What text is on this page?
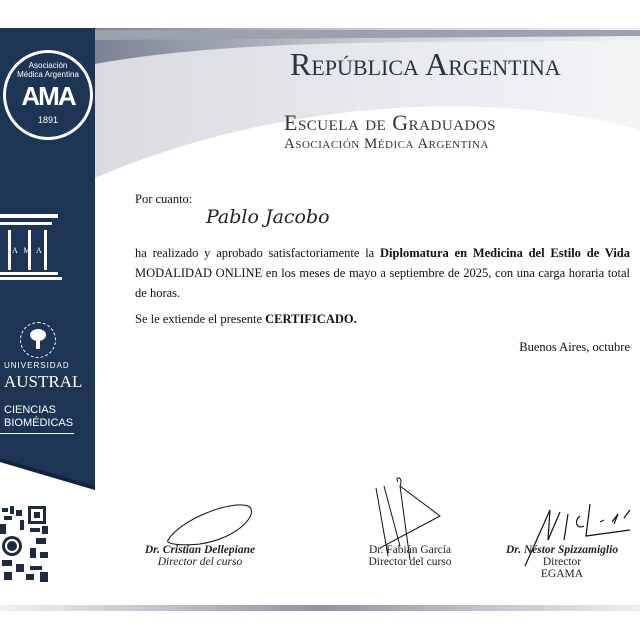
Asociación Médica Argentina
AMA
1891
A M A
UNIVERSIDAD
AUSTRAL
CIENCIAS
BIOMÉDICAS
República Argentina
Escuela de Graduados
Asociación Médica Argentina
Por cuanto:
Pablo Jacobo

ha realizado y aprobado satisfactoriamente la Diplomatura en Medicina del Estilo de Vida MODALIDAD ONLINE en los meses de mayo a septiembre de 2025, con una carga horaria total de horas.

Se le extiende el presente CERTIFICADO.

Buenos Aires, octubre

Dr. Cristian Dellepiane
Director del curso
Dr. Fabián García
Director del curso
Dr. Néstor Spizzamiglio
Director
EGAMA
